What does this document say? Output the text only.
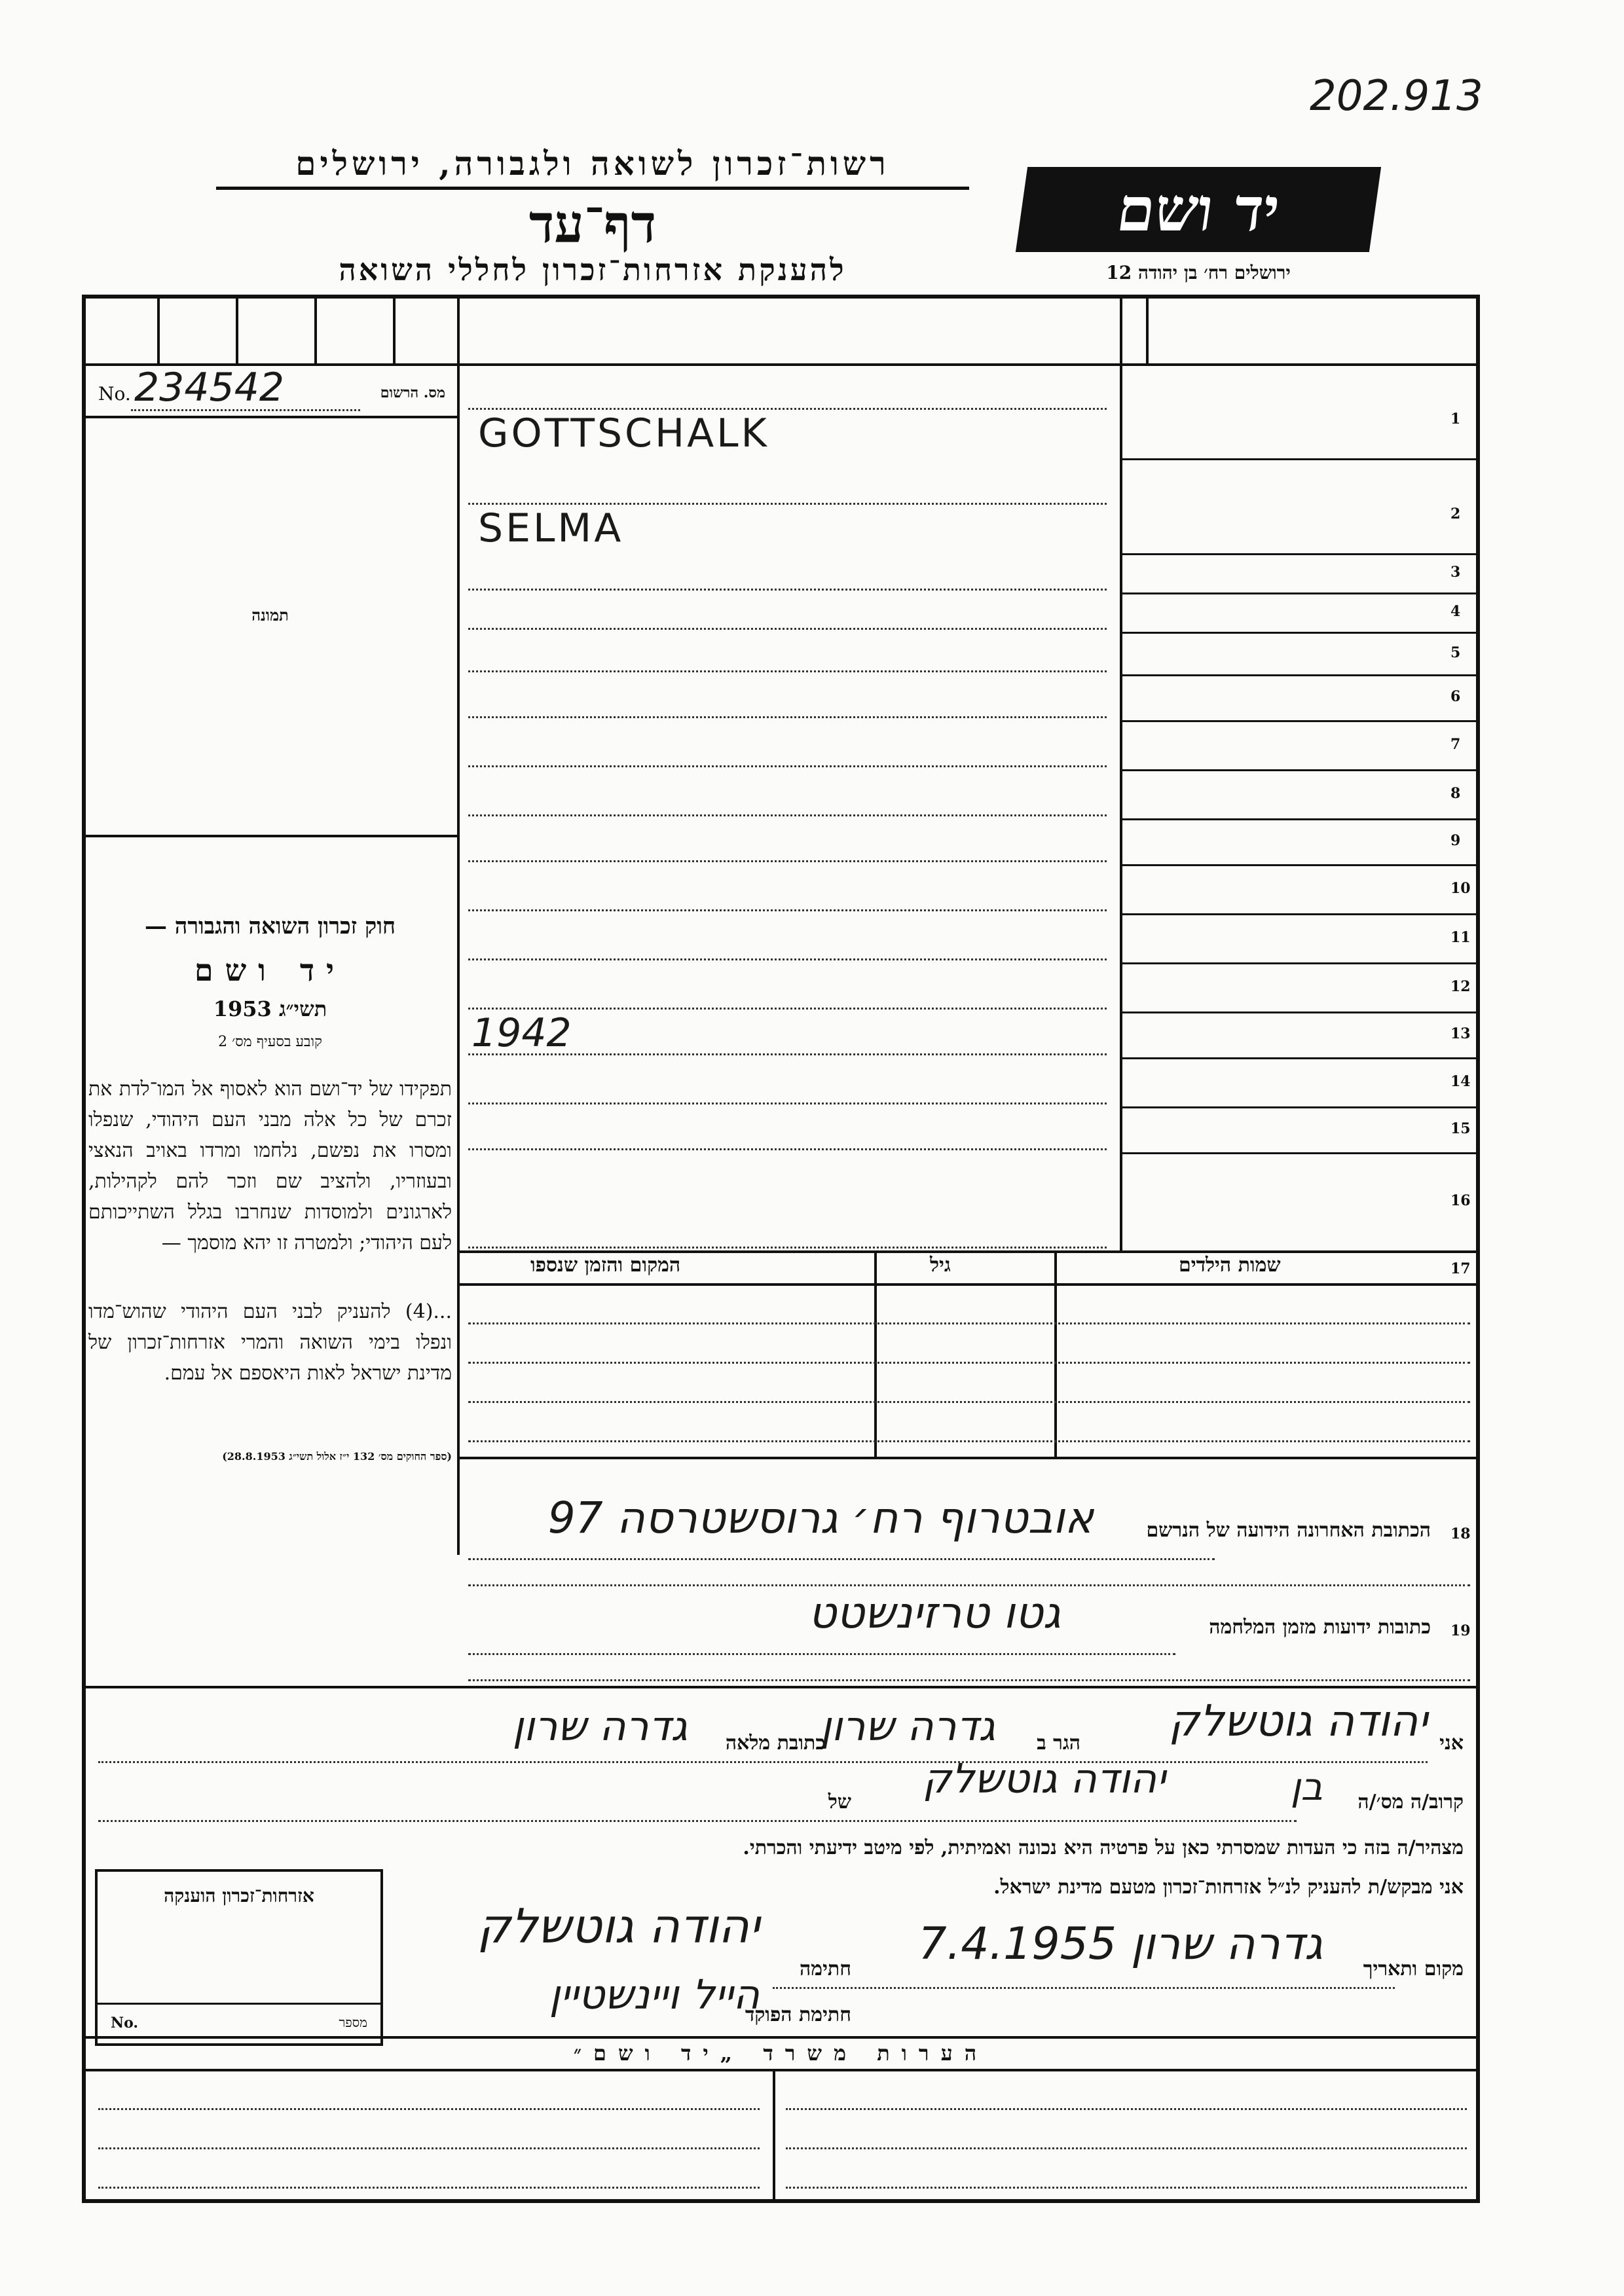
202.913
רשות־זכרון לשואה ולגבורה, ירושלים
דף־עד
להענקת אזרחות־זכרון לחללי השואה
יד ושם
ירושלים רח׳ בן יהודה 12
מס. הרשום
No. 234542
תמונה
חוק זכרון השואה והגבורה —
יד ושם
תשי״ג 1953
קובע בסעיף מס׳ 2
תפקידו של יד־ושם הוא לאסוף אל המו־לדת את זכרם של כל אלה מבני העם היהודי, שנפלו ומסרו את נפשם, נלחמו ומרדו באויב הנאצי ובעוזריו, ולהציב שם וזכר להם לקהילות, לארגונים ולמוסדות שנחרבו בגלל השתייכותם לעם היהודי; ולמטרה זו יהא מוסמך —
...(4) להעניק לבני העם היהודי שהוש־מדו ונפלו בימי השואה והמרי אזרחות־זכרון של מדינת ישראל לאות היאספם אל עמם.
(ספר החוקים מס׳ 132 י״ז אלול תשי״ג 28.8.1953)
1
GOTTSCHALK
2
SELMA
3
4
5
6
7
8
9
10
11
12
13
1942
14
15
16
17
שמות הילדים
גיל
המקום והזמן שנספו
18
הכתובת האחרונה הידועה של הנרשם
אובטרוף רח׳ גרוסשטרסה 97
19
כתובות ידועות מזמן המלחמה
גטו טרזינשטט
אני
יהודה גוטשלק
הגר ב
גדרה שרון
כתובת מלאה
גדרה שרון
קרוב/ה מס׳/ה
בן
של יהודה גוטשלק
מצהיר/ה בזה כי העדות שמסרתי כאן על פרטיה היא נכונה ואמיתית, לפי מיטב ידיעתי והכרתי.
אני מבקש/ת להעניק לנ״ל אזרחות־זכרון מטעם מדינת ישראל.
מקום ותאריך
גדרה שרון 7.4.1955
חתימה
יהודה גוטשלק
חתימת הפוקד
הייל ויינשטיין
אזרחות־זכרון הוענקה
No.	מספר
הערות משרד „יד ושם״
